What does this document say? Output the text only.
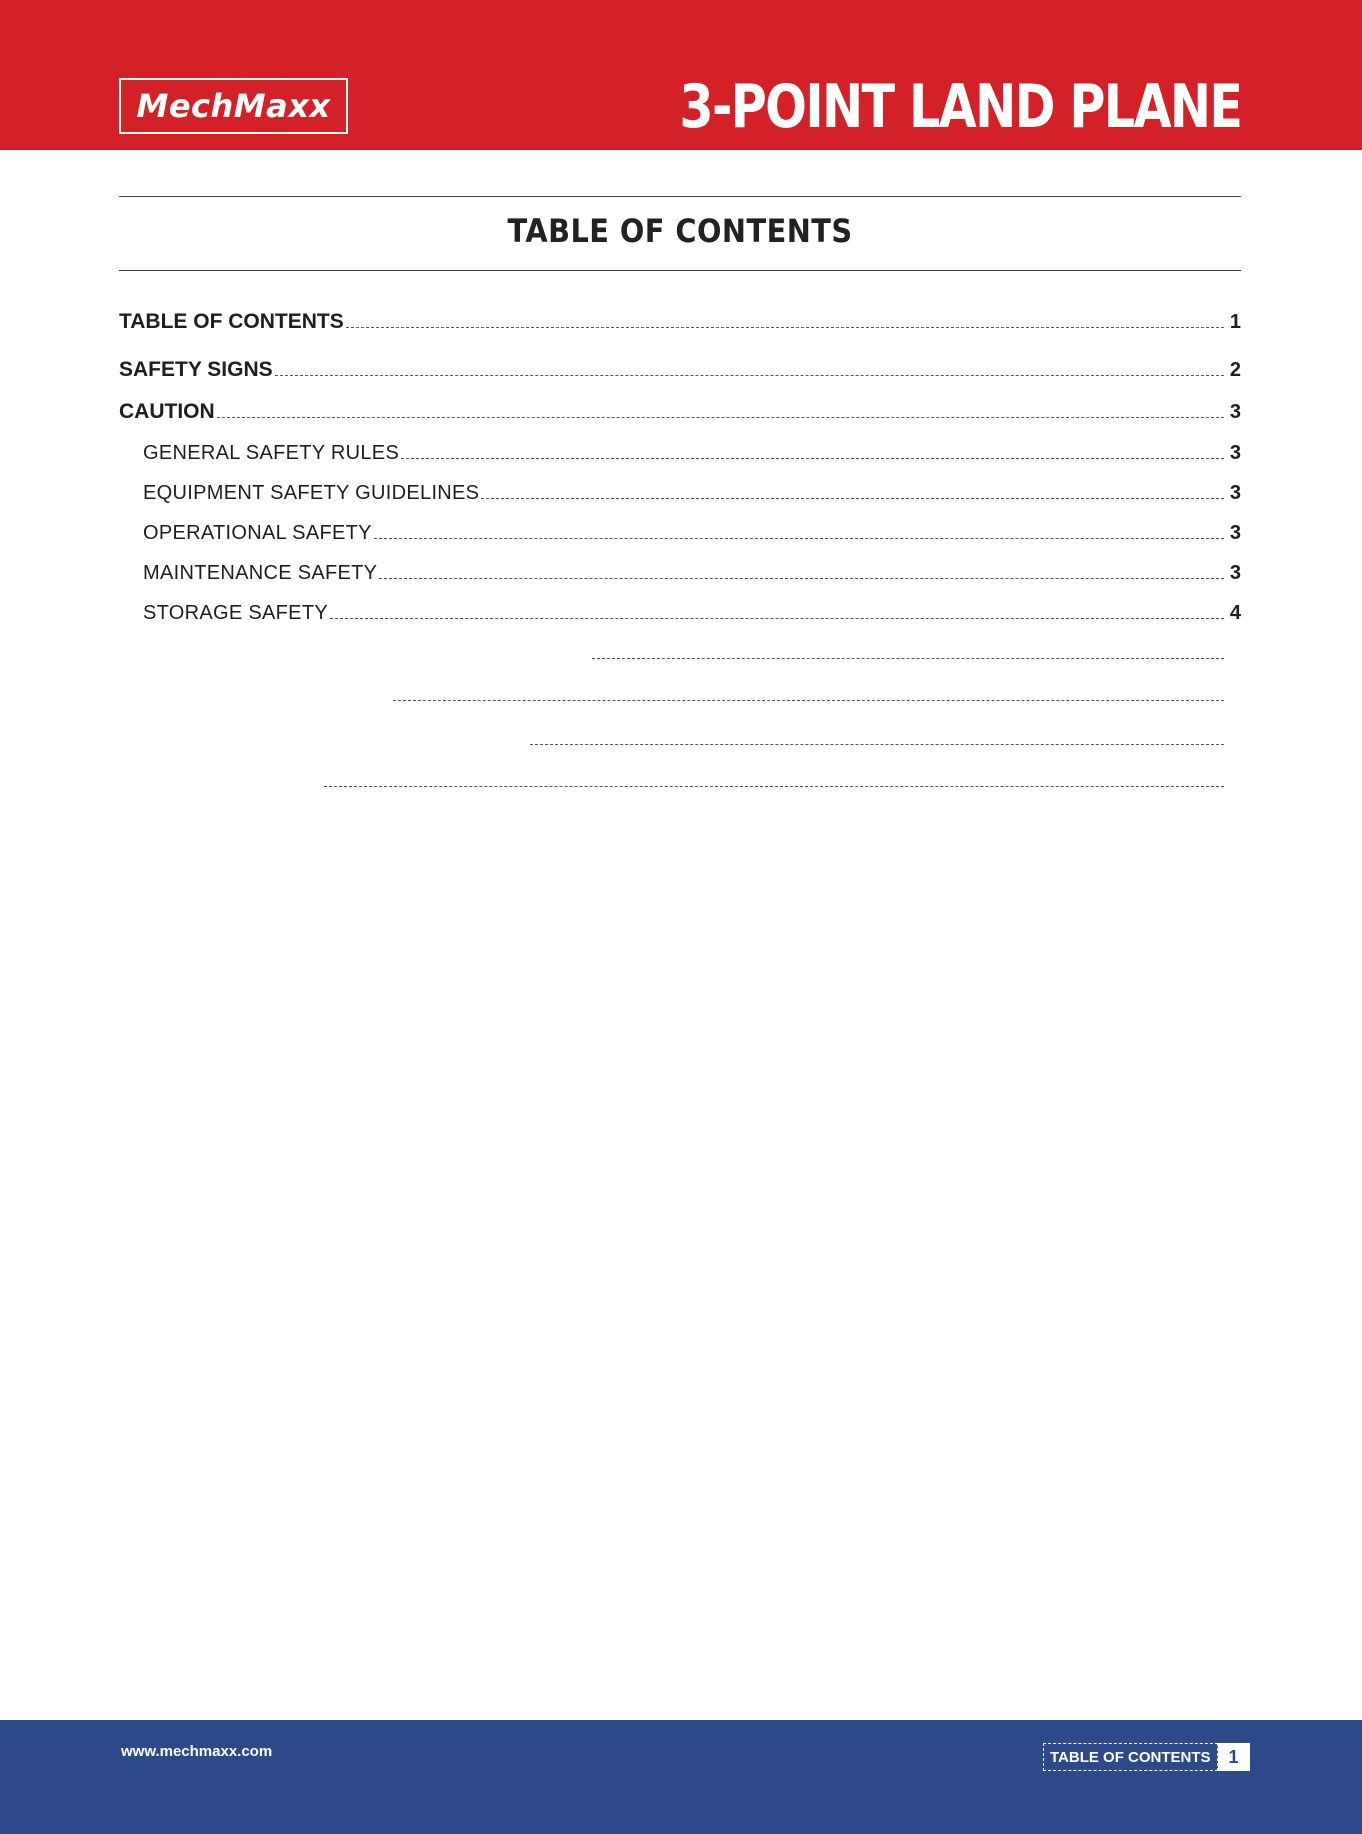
MechMaxx	3-POINT LAND PLANE
TABLE OF CONTENTS
TABLE OF CONTENTS	1
SAFETY SIGNS	2
CAUTION	3
GENERAL SAFETY RULES	3
EQUIPMENT SAFETY GUIDELINES	3
OPERATIONAL SAFETY	3
MAINTENANCE SAFETY	3
STORAGE SAFETY	4
www.mechmaxx.com	TABLE OF CONTENTS 1
